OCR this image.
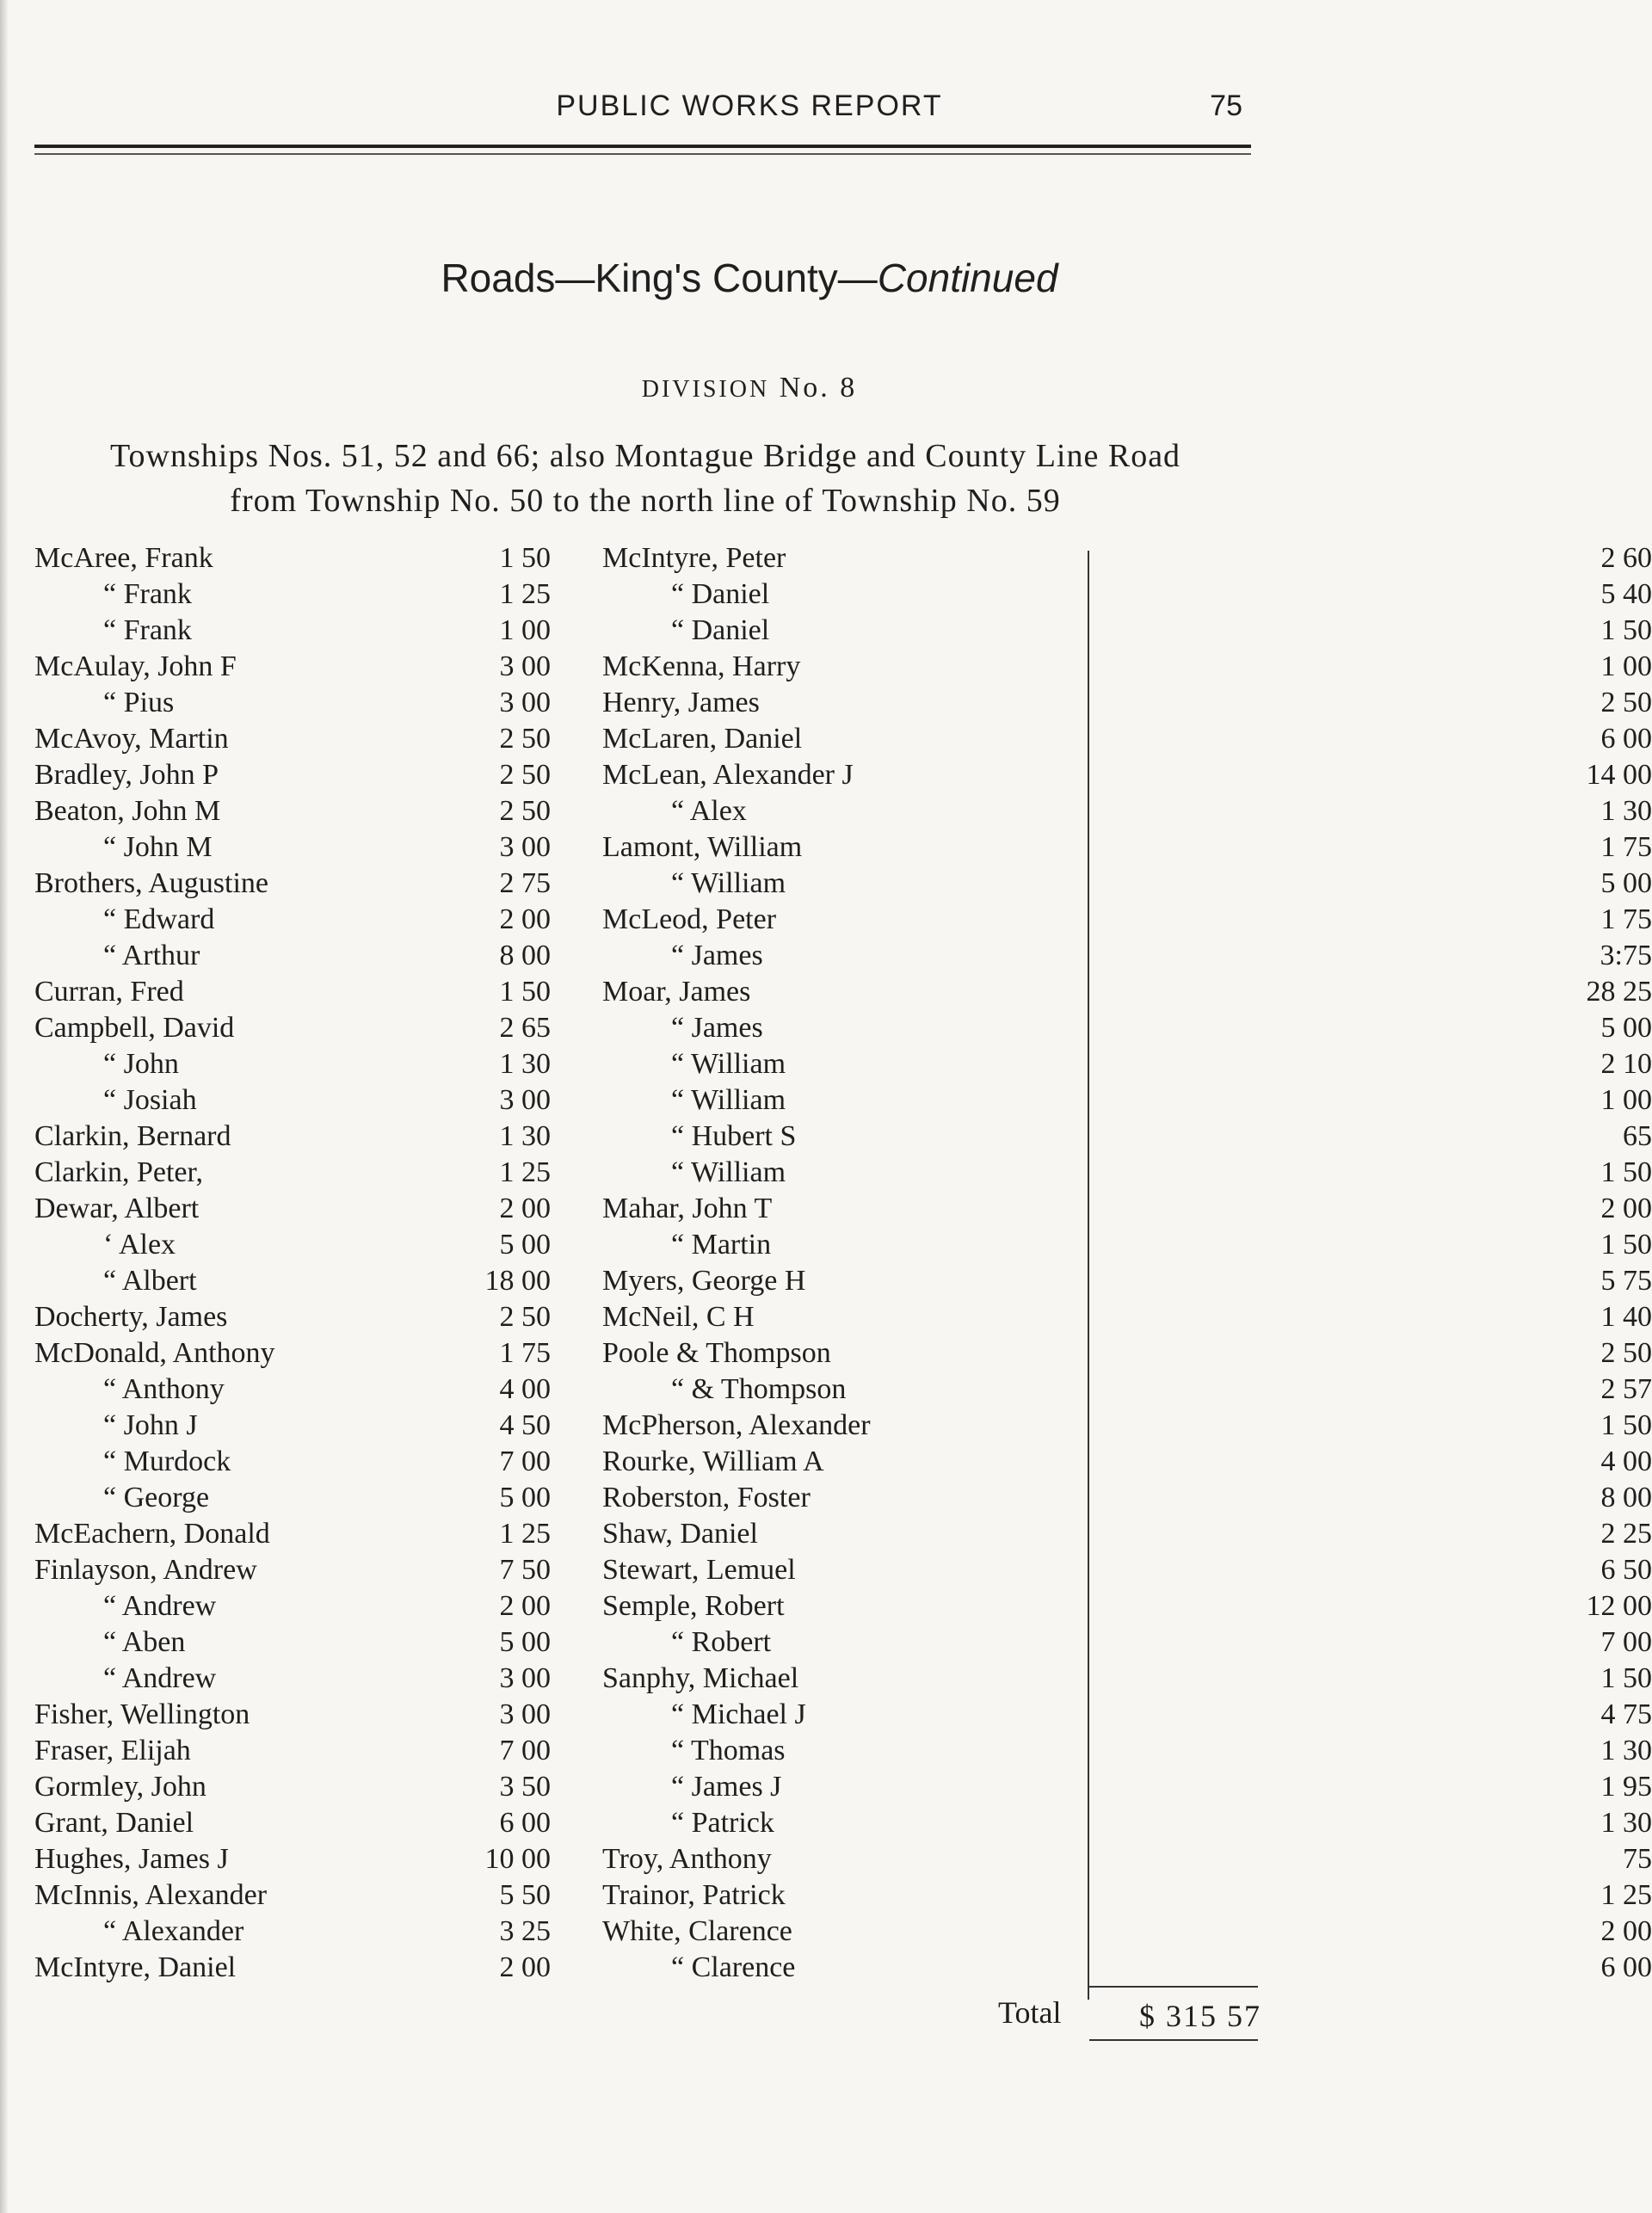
PUBLIC WORKS REPORT	75
Roads—King's County—Continued
DIVISION No. 8
Townships Nos. 51, 52 and 66; also Montague Bridge and County Line Road
from Township No. 50 to the north line of Township No. 59
McAree, Frank	1 50
“ Frank	1 25
“ Frank	1 00
McAulay, John F	3 00
“ Pius	3 00
McAvoy, Martin	2 50
Bradley, John P	2 50
Beaton, John M	2 50
“ John M	3 00
Brothers, Augustine	2 75
“ Edward	2 00
“ Arthur	8 00
Curran, Fred	1 50
Campbell, David	2 65
“ John	1 30
“ Josiah	3 00
Clarkin, Bernard	1 30
Clarkin, Peter,	1 25
Dewar, Albert	2 00
‘ Alex	5 00
“ Albert	18 00
Docherty, James	2 50
McDonald, Anthony	1 75
“ Anthony	4 00
“ John J	4 50
“ Murdock	7 00
“ George	5 00
McEachern, Donald	1 25
Finlayson, Andrew	7 50
“ Andrew	2 00
“ Aben	5 00
“ Andrew	3 00
Fisher, Wellington	3 00
Fraser, Elijah	7 00
Gormley, John	3 50
Grant, Daniel	6 00
Hughes, James J	10 00
McInnis, Alexander	5 50
“ Alexander	3 25
McIntyre, Daniel	2 00
McIntyre, Peter	2 60
“ Daniel	5 40
“ Daniel	1 50
McKenna, Harry	1 00
Henry, James	2 50
McLaren, Daniel	6 00
McLean, Alexander J	14 00
“ Alex	1 30
Lamont, William	1 75
“ William	5 00
McLeod, Peter	1 75
“ James	3:75
Moar, James	28 25
“ James	5 00
“ William	2 10
“ William	1 00
“ Hubert S	65
“ William	1 50
Mahar, John T	2 00
“ Martin	1 50
Myers, George H	5 75
McNeil, C H	1 40
Poole & Thompson	2 50
“ & Thompson	2 57
McPherson, Alexander	1 50
Rourke, William A	4 00
Roberston, Foster	8 00
Shaw, Daniel	2 25
Stewart, Lemuel	6 50
Semple, Robert	12 00
“ Robert	7 00
Sanphy, Michael	1 50
“ Michael J	4 75
“ Thomas	1 30
“ James J	1 95
“ Patrick	1 30
Troy, Anthony	75
Trainor, Patrick	1 25
White, Clarence	2 00
“ Clarence	6 00
Total	$ 315 57
